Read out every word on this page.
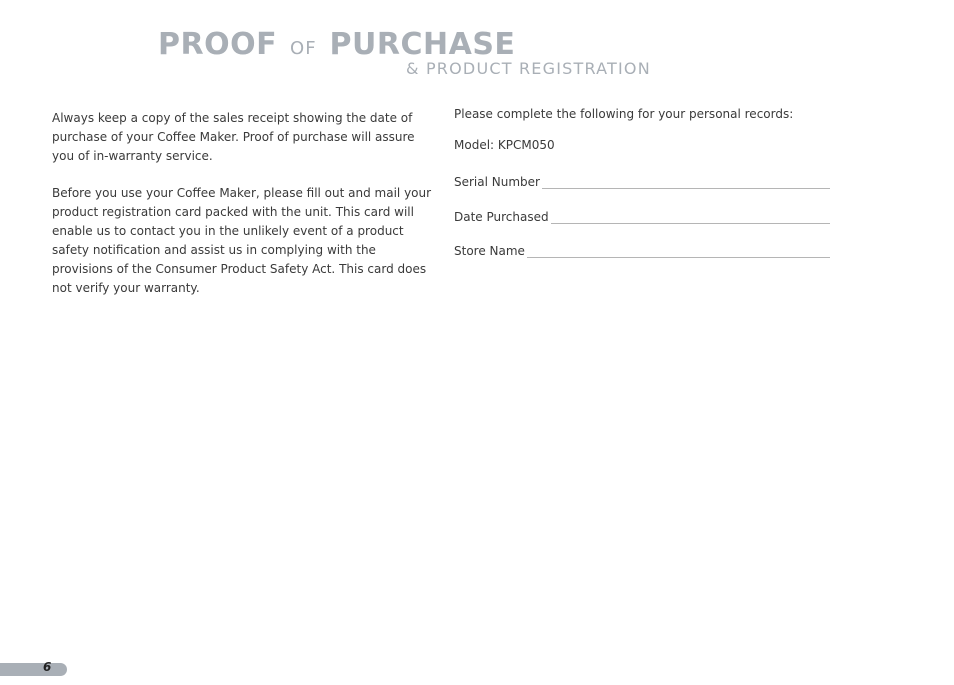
PROOF OF PURCHASE
& PRODUCT REGISTRATION

Always keep a copy of the sales receipt showing the date of purchase of your Coffee Maker. Proof of purchase will assure you of in-warranty service.

Before you use your Coffee Maker, please fill out and mail your product registration card packed with the unit. This card will enable us to contact you in the unlikely event of a product safety notification and assist us in complying with the provisions of the Consumer Product Safety Act. This card does not verify your warranty.

Please complete the following for your personal records:
Model: KPCM050
Serial Number
Date Purchased
Store Name
6
